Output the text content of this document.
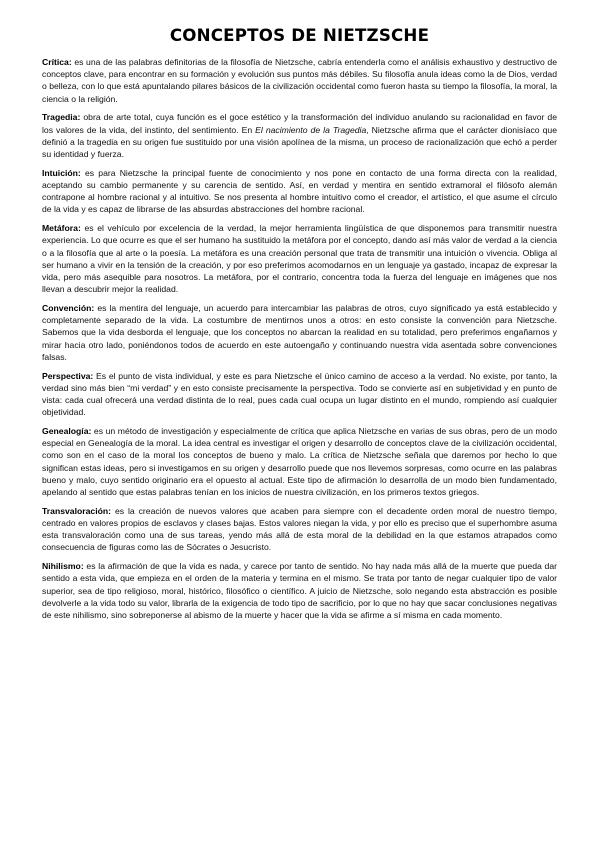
CONCEPTOS DE NIETZSCHE

Crítica: es una de las palabras definitorias de la filosofía de Nietzsche, cabría entenderla como el análisis exhaustivo y destructivo de conceptos clave, para encontrar en su formación y evolución sus puntos más débiles. Su filosofía anula ideas como la de Dios, verdad o belleza, con lo que está apuntalando pilares básicos de la civilización occidental como fueron hasta su tiempo la filosofía, la moral, la ciencia o la religión.

Tragedia: obra de arte total, cuya función es el goce estético y la transformación del individuo anulando su racionalidad en favor de los valores de la vida, del instinto, del sentimiento. En El nacimiento de la Tragedia, Nietzsche afirma que el carácter dionisíaco que definió a la tragedia en su origen fue sustituido por una visión apolínea de la misma, un proceso de racionalización que echó a perder su identidad y fuerza.

Intuición: es para Nietzsche la principal fuente de conocimiento y nos pone en contacto de una forma directa con la realidad, aceptando su cambio permanente y su carencia de sentido. Así, en verdad y mentira en sentido extramoral el filósofo alemán contrapone al hombre racional y al intuitivo. Se nos presenta al hombre intuitivo como el creador, el artístico, el que asume el círculo de la vida y es capaz de librarse de las absurdas abstracciones del hombre racional.

Metáfora: es el vehículo por excelencia de la verdad, la mejor herramienta lingüística de que disponemos para transmitir nuestra experiencia. Lo que ocurre es que el ser humano ha sustituido la metáfora por el concepto, dando así más valor de verdad a la ciencia o a la filosofía que al arte o la poesía. La metáfora es una creación personal que trata de transmitir una intuición o vivencia. Obliga al ser humano a vivir en la tensión de la creación, y por eso preferimos acomodarnos en un lenguaje ya gastado, incapaz de expresar la vida, pero más asequible para nosotros. La metáfora, por el contrario, concentra toda la fuerza del lenguaje en imágenes que nos llevan a descubrir mejor la realidad.

Convención: es la mentira del lenguaje, un acuerdo para intercambiar las palabras de otros, cuyo significado ya está establecido y completamente separado de la vida. La costumbre de mentirnos unos a otros: en esto consiste la convención para Nietzsche. Sabemos que la vida desborda el lenguaje, que los conceptos no abarcan la realidad en su totalidad, pero preferimos engañarnos y mirar hacia otro lado, poniéndonos todos de acuerdo en este autoengaño y continuando nuestra vida asentada sobre convenciones falsas.

Perspectiva: Es el punto de vista individual, y este es para Nietzsche el único camino de acceso a la verdad. No existe, por tanto, la verdad sino más bien “mi verdad” y en esto consiste precisamente la perspectiva. Todo se convierte así en subjetividad y en punto de vista: cada cual ofrecerá una verdad distinta de lo real, pues cada cual ocupa un lugar distinto en el mundo, rompiendo así cualquier objetividad.

Genealogía: es un método de investigación y especialmente de crítica que aplica Nietzsche en varias de sus obras, pero de un modo especial en Genealogía de la moral. La idea central es investigar el origen y desarrollo de conceptos clave de la civilización occidental, como son en el caso de la moral los conceptos de bueno y malo. La crítica de Nietzsche señala que daremos por hecho lo que significan estas ideas, pero si investigamos en su origen y desarrollo puede que nos llevemos sorpresas, como ocurre en las palabras bueno y malo, cuyo sentido originario era el opuesto al actual. Este tipo de afirmación lo desarrolla de un modo bien fundamentado, apelando al sentido que estas palabras tenían en los inicios de nuestra civilización, en los primeros textos griegos.

Transvaloración: es la creación de nuevos valores que acaben para siempre con el decadente orden moral de nuestro tiempo, centrado en valores propios de esclavos y clases bajas. Estos valores niegan la vida, y por ello es preciso que el superhombre asuma esta transvaloración como una de sus tareas, yendo más allá de esta moral de la debilidad en la que estamos atrapados como consecuencia de figuras como las de Sócrates o Jesucristo.

Nihilismo: es la afirmación de que la vida es nada, y carece por tanto de sentido. No hay nada más allá de la muerte que pueda dar sentido a esta vida, que empieza en el orden de la materia y termina en el mismo. Se trata por tanto de negar cualquier tipo de valor superior, sea de tipo religioso, moral, histórico, filosófico o científico. A juicio de Nietzsche, solo negando esta abstracción es posible devolverle a la vida todo su valor, librarla de la exigencia de todo tipo de sacrificio, por lo que no hay que sacar conclusiones negativas de este nihilismo, sino sobreponerse al abismo de la muerte y hacer que la vida se afirme a sí misma en cada momento.
